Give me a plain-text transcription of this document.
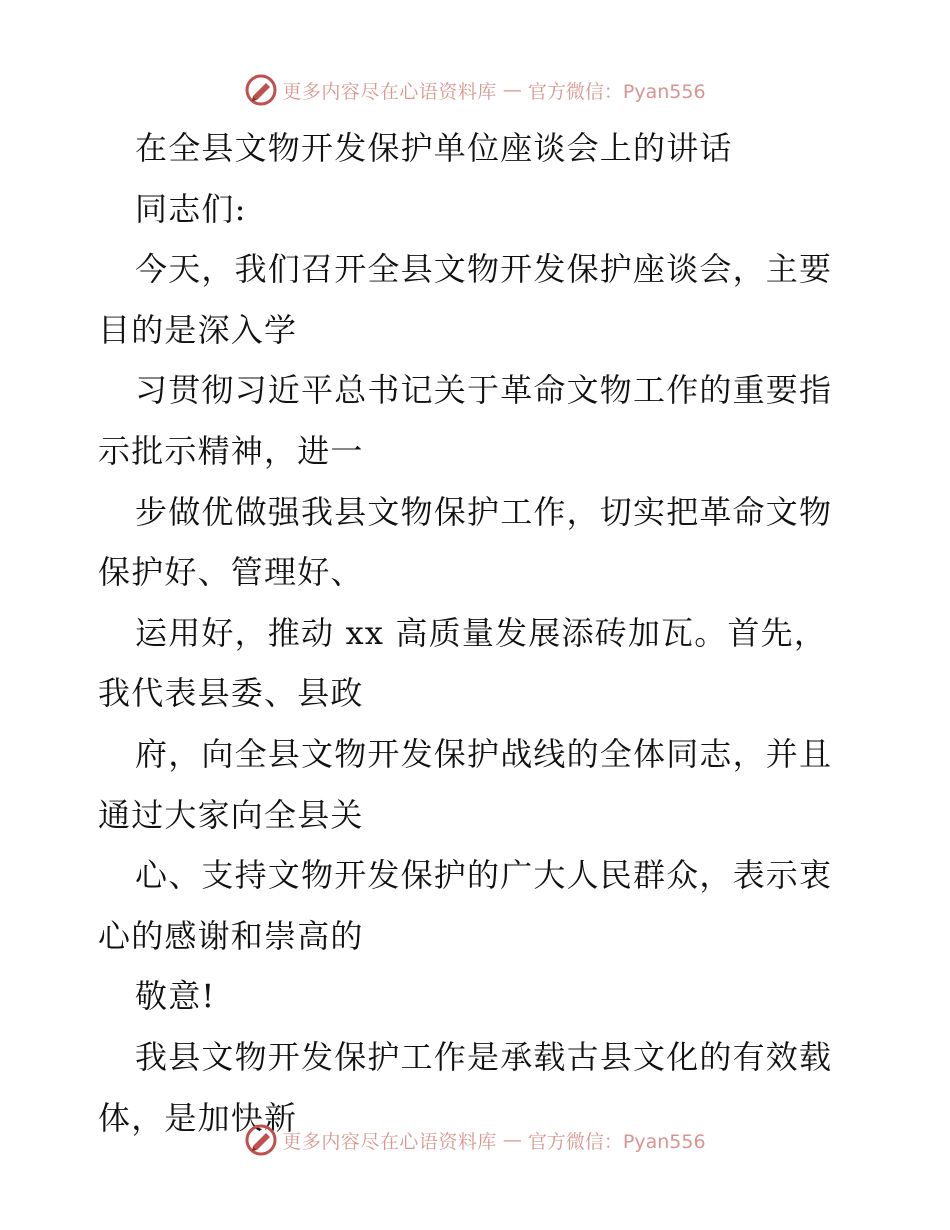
更多内容尽在心语资料库 — 官方微信：Pyan556
在全县文物开发保护单位座谈会上的讲话
同志们:
今天，我们召开全县文物开发保护座谈会，主要
目的是深入学
习贯彻习近平总书记关于革命文物工作的重要指
示批示精神，进一
步做优做强我县文物保护工作，切实把革命文物
保护好、管理好、
运用好，推动 xx 高质量发展添砖加瓦。首先，
我代表县委、县政
府，向全县文物开发保护战线的全体同志，并且
通过大家向全县关
心、支持文物开发保护的广大人民群众，表示衷
心的感谢和崇高的
敬意!
我县文物开发保护工作是承载古县文化的有效载
体，是加快新
更多内容尽在心语资料库 — 官方微信：Pyan556
